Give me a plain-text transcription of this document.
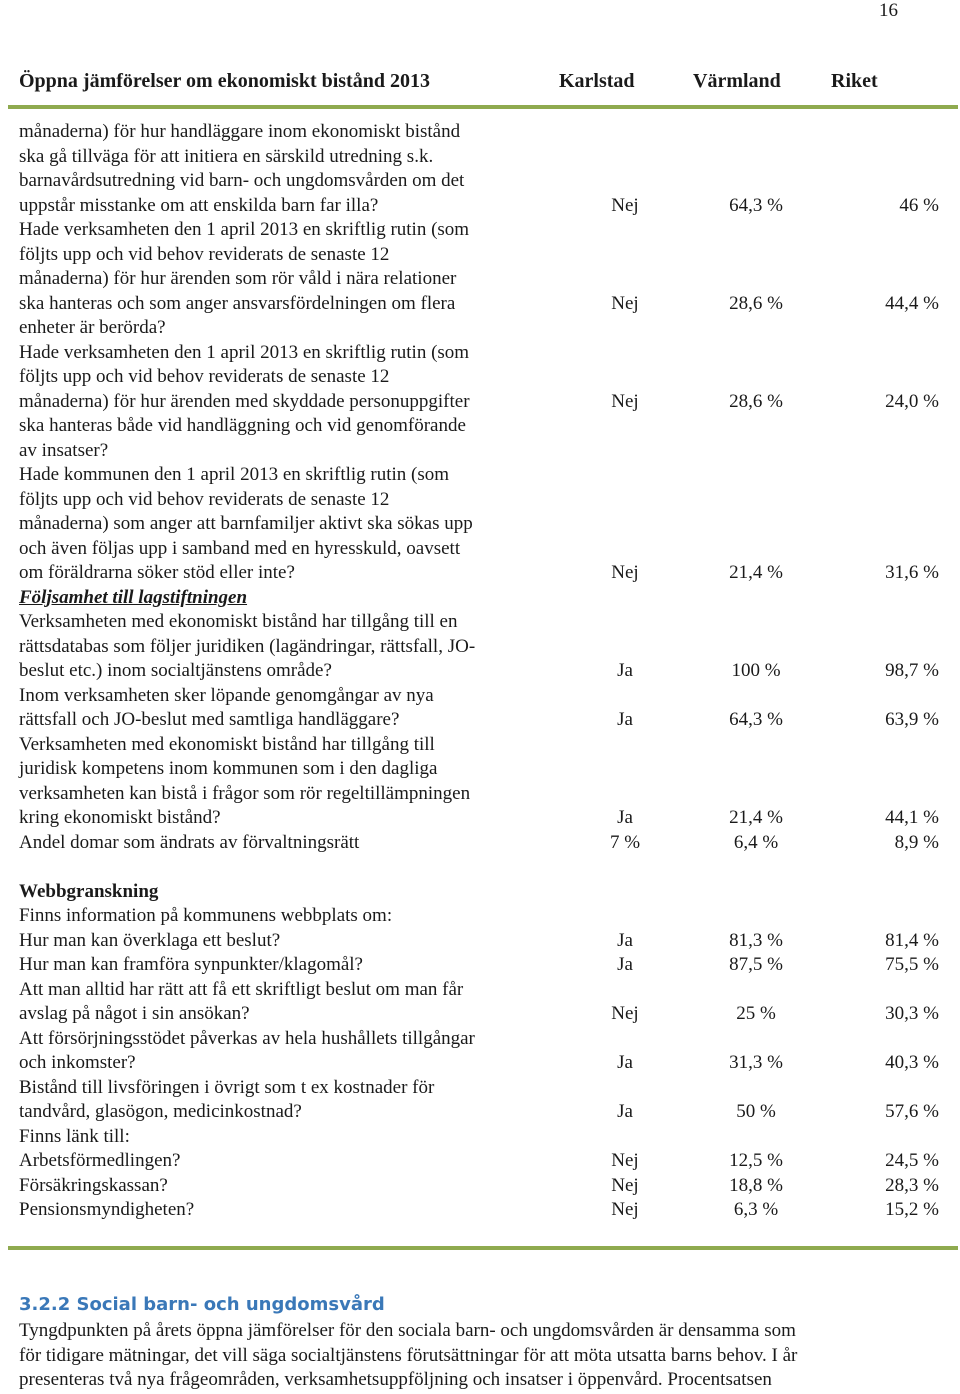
16
Öppna jämförelser om ekonomiskt bistånd 2013	Karlstad	Värmland	Riket
månaderna) för hur handläggare inom ekonomiskt bistånd
ska gå tillväga för att initiera en särskild utredning s.k.
barnavårdsutredning vid barn- och ungdomsvården om det
uppstår misstanke om att enskilda barn far illa?	Nej	64,3 %	46 %
Hade verksamheten den 1 april 2013 en skriftlig rutin (som
följts upp och vid behov reviderats de senaste 12
månaderna) för hur ärenden som rör våld i nära relationer
ska hanteras och som anger ansvarsfördelningen om flera	Nej	28,6 %	44,4 %
enheter är berörda?
Hade verksamheten den 1 april 2013 en skriftlig rutin (som
följts upp och vid behov reviderats de senaste 12
månaderna) för hur ärenden med skyddade personuppgifter	Nej	28,6 %	24,0 %
ska hanteras både vid handläggning och vid genomförande
av insatser?
Hade kommunen den 1 april 2013 en skriftlig rutin (som
följts upp och vid behov reviderats de senaste 12
månaderna) som anger att barnfamiljer aktivt ska sökas upp
och även följas upp i samband med en hyresskuld, oavsett
om föräldrarna söker stöd eller inte?	Nej	21,4 %	31,6 %
Följsamhet till lagstiftningen
Verksamheten med ekonomiskt bistånd har tillgång till en
rättsdatabas som följer juridiken (lagändringar, rättsfall, JO-
beslut etc.) inom socialtjänstens område?	Ja	100 %	98,7 %
Inom verksamheten sker löpande genomgångar av nya
rättsfall och JO-beslut med samtliga handläggare?	Ja	64,3 %	63,9 %
Verksamheten med ekonomiskt bistånd har tillgång till
juridisk kompetens inom kommunen som i den dagliga
verksamheten kan bistå i frågor som rör regeltillämpningen
kring ekonomiskt bistånd?	Ja	21,4 %	44,1 %
Andel domar som ändrats av förvaltningsrätt	7 %	6,4 %	8,9 %
Webbgranskning
Finns information på kommunens webbplats om:
Hur man kan överklaga ett beslut?	Ja	81,3 %	81,4 %
Hur man kan framföra synpunkter/klagomål?	Ja	87,5 %	75,5 %
Att man alltid har rätt att få ett skriftligt beslut om man får
avslag på något i sin ansökan?	Nej	25 %	30,3 %
Att försörjningsstödet påverkas av hela hushållets tillgångar
och inkomster?	Ja	31,3 %	40,3 %
Bistånd till livsföringen i övrigt som t ex kostnader för
tandvård, glasögon, medicinkostnad?	Ja	50 %	57,6 %
Finns länk till:
Arbetsförmedlingen?	Nej	12,5 %	24,5 %
Försäkringskassan?	Nej	18,8 %	28,3 %
Pensionsmyndigheten?	Nej	6,3 %	15,2 %
3.2.2 Social barn- och ungdomsvård
Tyngdpunkten på årets öppna jämförelser för den sociala barn- och ungdomsvården är densamma som
för tidigare mätningar, det vill säga socialtjänstens förutsättningar för att möta utsatta barns behov. I år
presenteras två nya frågeområden, verksamhetsuppföljning och insatser i öppenvård. Procentsatsen
